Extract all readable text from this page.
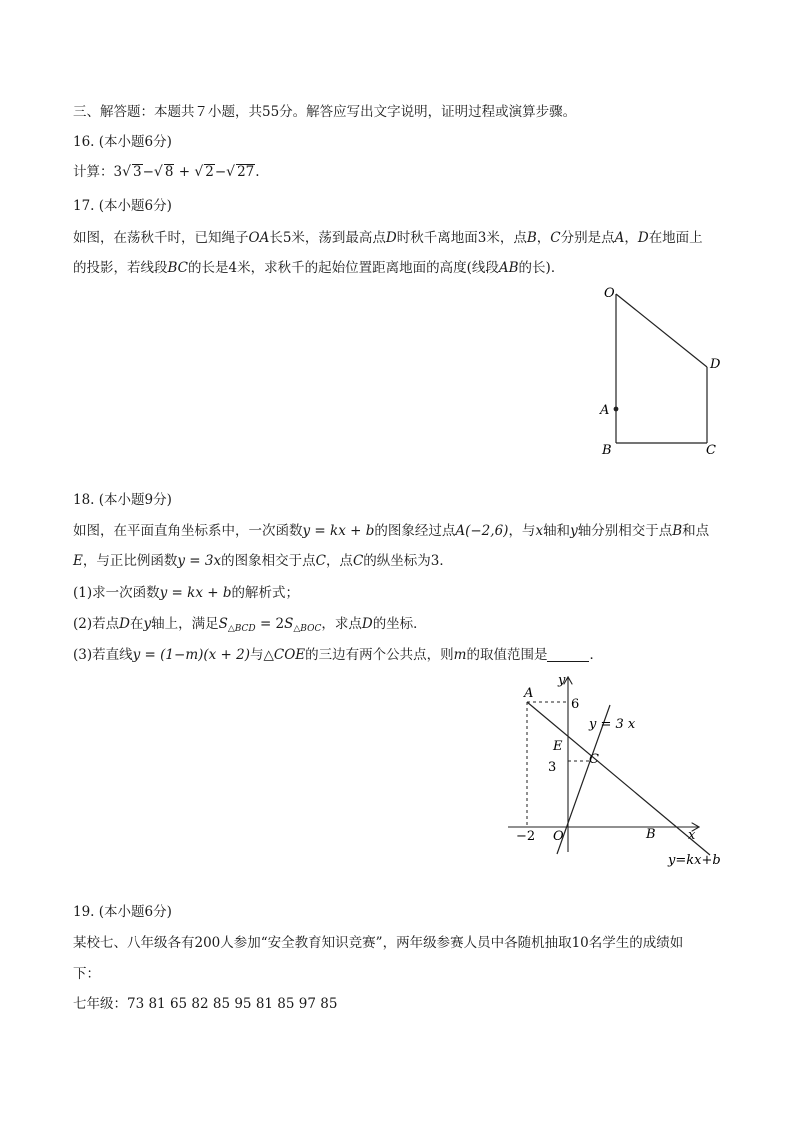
三、解答题：本题共７小题，共55分。解答应写出文字说明，证明过程或演算步骤。
16. (本小题6分)
计算：3√ 3−√ 8 + √ 2−√ 27.
17. (本小题6分)
如图，在荡秋千时，已知绳子OA长5米，荡到最高点D时秋千离地面3米，点B，C分别是点A，D在地面上
的投影，若线段BC的长是4米，求秋千的起始位置距离地面的高度(线段AB的长)．
O
D
A
B	C
18. (本小题9分)
如图，在平面直角坐标系中，一次函数y = kx + b的图象经过点A(−2,6)，与x轴和y轴分别相交于点B和点
E，与正比例函数y = 3x的图象相交于点C，点C的纵坐标为3．
(1)求一次函数y = kx + b的解析式；
(2)若点D在y轴上，满足$S_{\triangle BCD} = 2S_{\triangle BOC}$，求点D的坐标．
(3)若直线y = (1−m)(x + 2)与△COE的三边有两个公共点，则m的取值范围是	．
A
y
6
y = 3 x
E
C
3
−2 O	B x
y=kx+b
19. (本小题6分)
某校七、八年级各有200人参加“安全教育知识竞赛”，两年级参赛人员中各随机抽取10名学生的成绩如
下：
七年级：73 81 65 82 85 95 81 85 97 85
